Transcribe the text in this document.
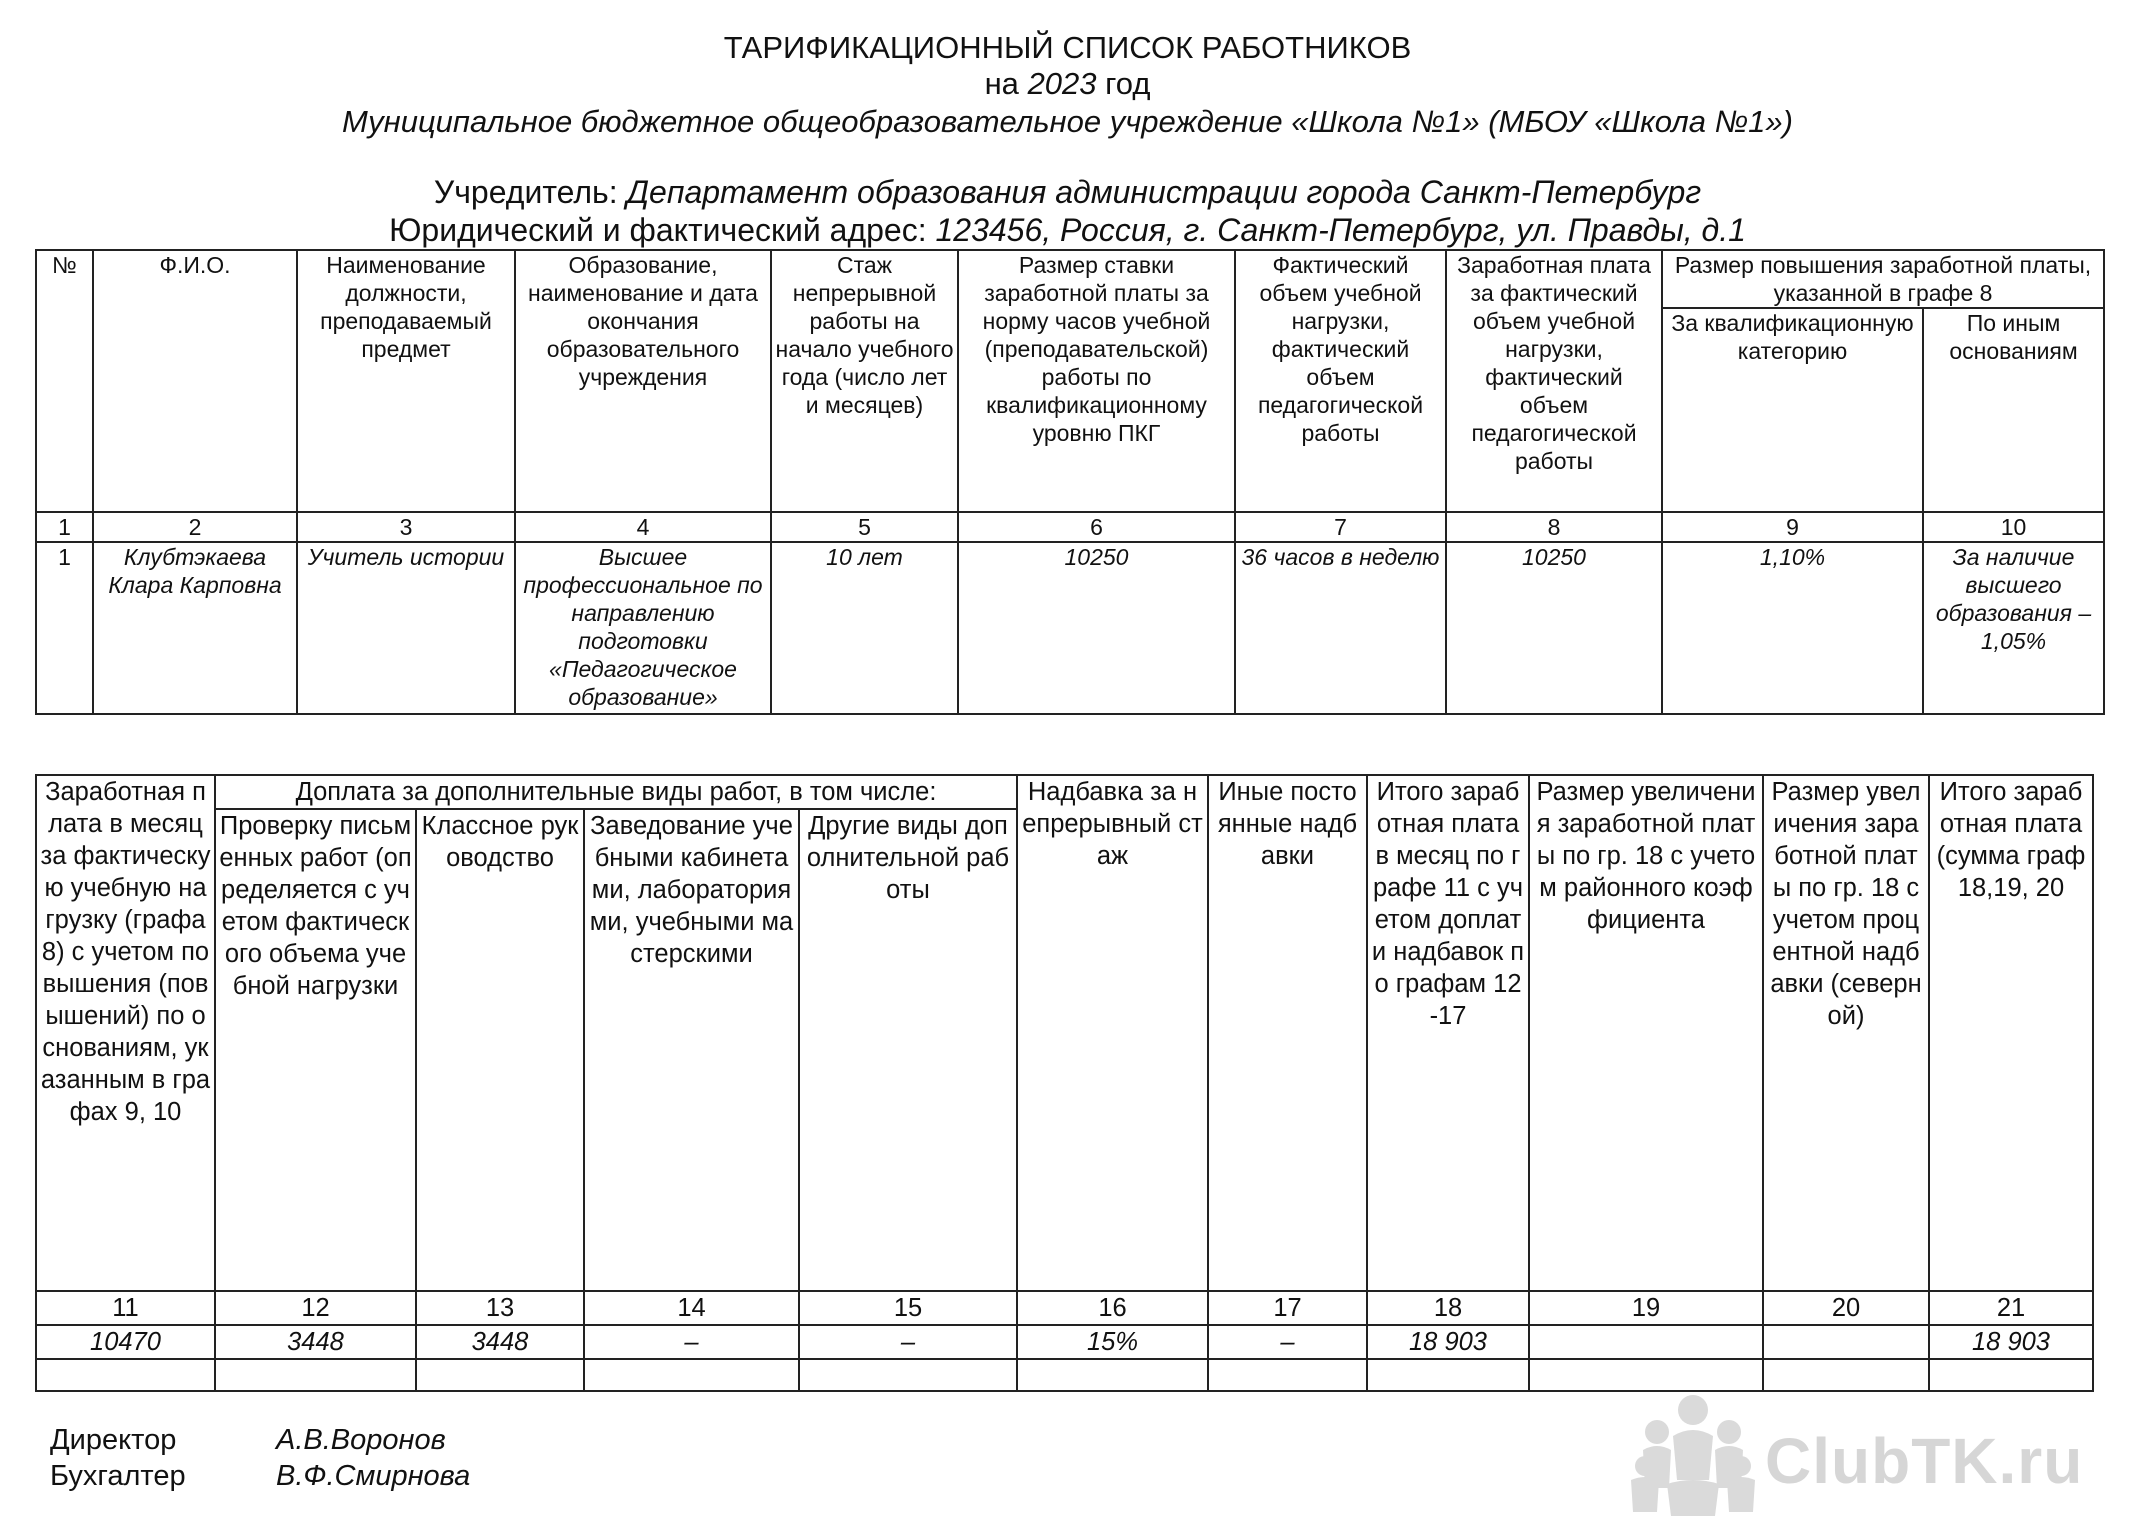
ТАРИФИКАЦИОННЫЙ СПИСОК РАБОТНИКОВ
на 2023 год
Муниципальное бюджетное общеобразовательное учреждение «Школа №1» (МБОУ «Школа №1»)
Учредитель: Департамент образования администрации города Санкт-Петербург
Юридический и фактический адрес: 123456, Россия, г. Санкт-Петербург, ул. Правды, д.1
№	Ф.И.О.	Наименование должности, преподаваемый предмет	Образование, наименование и дата окончания образовательного учреждения	Стаж непрерывной работы на начало учебного года (число лет и месяцев)	Размер ставки заработной платы за норму часов учебной (преподавательской) работы по квалификационному уровню ПКГ	Фактический объем учебной нагрузки, фактический объем педагогической работы	Заработная плата за фактический объем учебной нагрузки, фактический объем педагогической работы	Размер повышения заработной платы, указанной в графе 8	
								За квалификационную категорию	По иным основаниям
1	2	3	4	5	6	7	8	9	10
1	Клубтэкаева Клара Карповна	Учитель истории	Высшее профессиональное по направлению подготовки «Педагогическое образование»	10 лет	10250	36 часов в неделю	10250	1,10%	За наличие высшего образования – 1,05%
Заработная плата в месяц за фактическую учебную нагрузку (графа 8) с учетом повышения (повышений) по основаниям, указанным в графах 9, 10	Доплата за дополнительные виды работ, в том числе:				Надбавка за непрерывный стаж	Иные постоянные надбавки	Итого заработная плата в месяц по графе 11 с учетом доплат и надбавок по графам 12-17	Размер увеличения заработной платы по гр. 18 с учетом районного коэффициента	Размер увеличения заработной платы по гр. 18 с учетом процентной надбавки (северной)	Итого заработная плата (сумма граф 18,19, 20
	Проверку письменных работ (определяется с учетом фактического объема учебной нагрузки	Классное руководство	Заведование учебными кабинетами, лабораториями, учебными мастерскими	Другие виды дополнительной работы						
11	12	13	14	15	16	17	18	19	20	21
10470	3448	3448	–	–	15%	–	18 903			18 903

Директор	А.В.Воронов
Бухгалтер	В.Ф.Смирнова	ClubTK.ru
